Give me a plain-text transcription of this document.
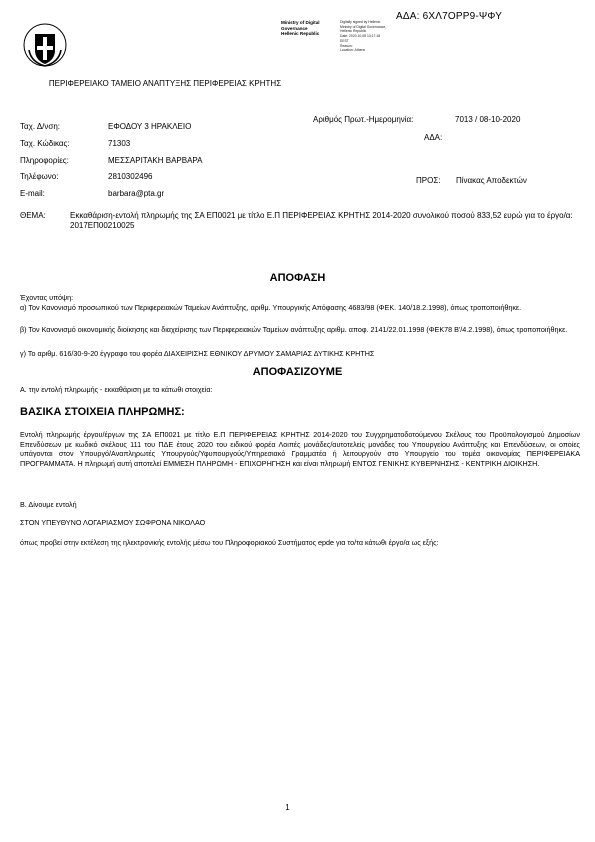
ΑΔΑ: 6ΧΛ7ΟΡΡ9-ΨΦΥ
Ministry of Digital
Governance
Hellenic Republic
Digitally signed by Hellenic
Ministry of Digital Governance,
Hellenic Republic
Date: 2020.10.08 13:17:18
EEST
Reason:
Location: Athens
ΠΕΡΙΦΕΡΕΙΑΚΟ ΤΑΜΕΙΟ ΑΝΑΠΤΥΞΗΣ ΠΕΡΙΦΕΡΕΙΑΣ ΚΡΗΤΗΣ
Ταχ. Δ/νση:	ΕΦΟΔΟΥ 3 ΗΡΑΚΛΕΙΟ
Ταχ. Κώδικας:	71303
Πληροφορίες:	ΜΕΣΣΑΡΙΤΑΚΗ ΒΑΡΒΑΡΑ
Τηλέφωνο:	2810302496
E-mail:	barbara@pta.gr
Αριθμός Πρωτ.-Ημερομηνία:	7013 / 08-10-2020
ΑΔΑ:
ΠΡΟΣ: Πίνακας Αποδεκτών
ΘΕΜΑ:	Εκκαθάριση-εντολή πληρωμής της ΣΑ ΕΠ0021 με τίτλο Ε.Π ΠΕΡΙΦΕΡΕΙΑΣ ΚΡΗΤΗΣ 2014-2020 συνολικού ποσού 833,52 ευρώ για το έργο/α: 2017ΕΠ00210025
ΑΠΟΦΑΣΗ
Έχοντας υπόψη:
α) Τον Κανονισμό προσωπικού των Περιφερειακών Ταμείων Ανάπτυξης, αριθμ. Υπουργικής Απόφασης 4683/98 (ΦΕΚ. 140/18.2.1998), όπως τροποποιήθηκε.
β) Τον Κανονισμό οικονομικής διοίκησης και διαχείρισης των Περιφερειακών Ταμείων ανάπτυξης αριθμ. αποφ. 2141/22.01.1998 (ΦΕΚ78 Β'/4.2.1998), όπως τροποποιήθηκε.
γ) Το αριθμ. 616/30-9-20 έγγραφο του φορέα ΔΙΑΧΕΙΡΙΣΗΣ ΕΘΝΙΚΟΥ ΔΡΥΜΟΥ ΣΑΜΑΡΙΑΣ ΔΥΤΙΚΗΣ ΚΡΗΤΗΣ
ΑΠΟΦΑΣΙΖΟΥΜΕ
Α. την εντολή πληρωμής - εκκαθάριση με τα κάτωθι στοιχεία:
ΒΑΣΙΚΑ ΣΤΟΙΧΕΙΑ ΠΛΗΡΩΜΗΣ:
Εντολή πληρωμής έργου/έργων της ΣΑ ΕΠ0021 με τίτλο Ε.Π ΠΕΡΙΦΕΡΕΙΑΣ ΚΡΗΤΗΣ 2014-2020 του Συγχρηματοδοτούμενου Σκέλους του Προϋπολογισμού Δημοσίων Επενδύσεων με κωδικό σκέλους 111 του ΠΔΕ έτους 2020 του ειδικού φορέα Λοιπές μονάδες/αυτοτελείς μονάδες του Υπουργείου Ανάπτυξης και Επενδύσεων, οι οποίες υπάγονται στον Υπουργό/Αναπληρωτές Υπουργούς/Υφυπουργούς/Υπηρεσιακό Γραμματέα ή λειτουργούν στο Υπουργείο του τομέα οικονομίας ΠΕΡΙΦΕΡΕΙΑΚΑ ΠΡΟΓΡΑΜΜΑΤΑ. Η πληρωμή αυτή αποτελεί ΕΜΜΕΣΗ ΠΛΗΡΩΜΗ - ΕΠΙΧΟΡΗΓΗΣΗ και είναι πληρωμή ΕΝΤΟΣ ΓΕΝΙΚΗΣ ΚΥΒΕΡΝΗΣΗΣ - ΚΕΝΤΡΙΚΗ ΔΙΟΙΚΗΣΗ.
Β. Δίνουμε εντολή
ΣΤΟΝ ΥΠΕΥΘΥΝΟ ΛΟΓΑΡΙΑΣΜΟΥ ΣΩΦΡΟΝΑ ΝΙΚΟΛΑΟ
όπως προβεί στην εκτέλεση της ηλεκτρονικής εντολής μέσω του Πληροφοριακού Συστήματος epde για το/τα κάτωθι έργο/α ως εξής:
1
